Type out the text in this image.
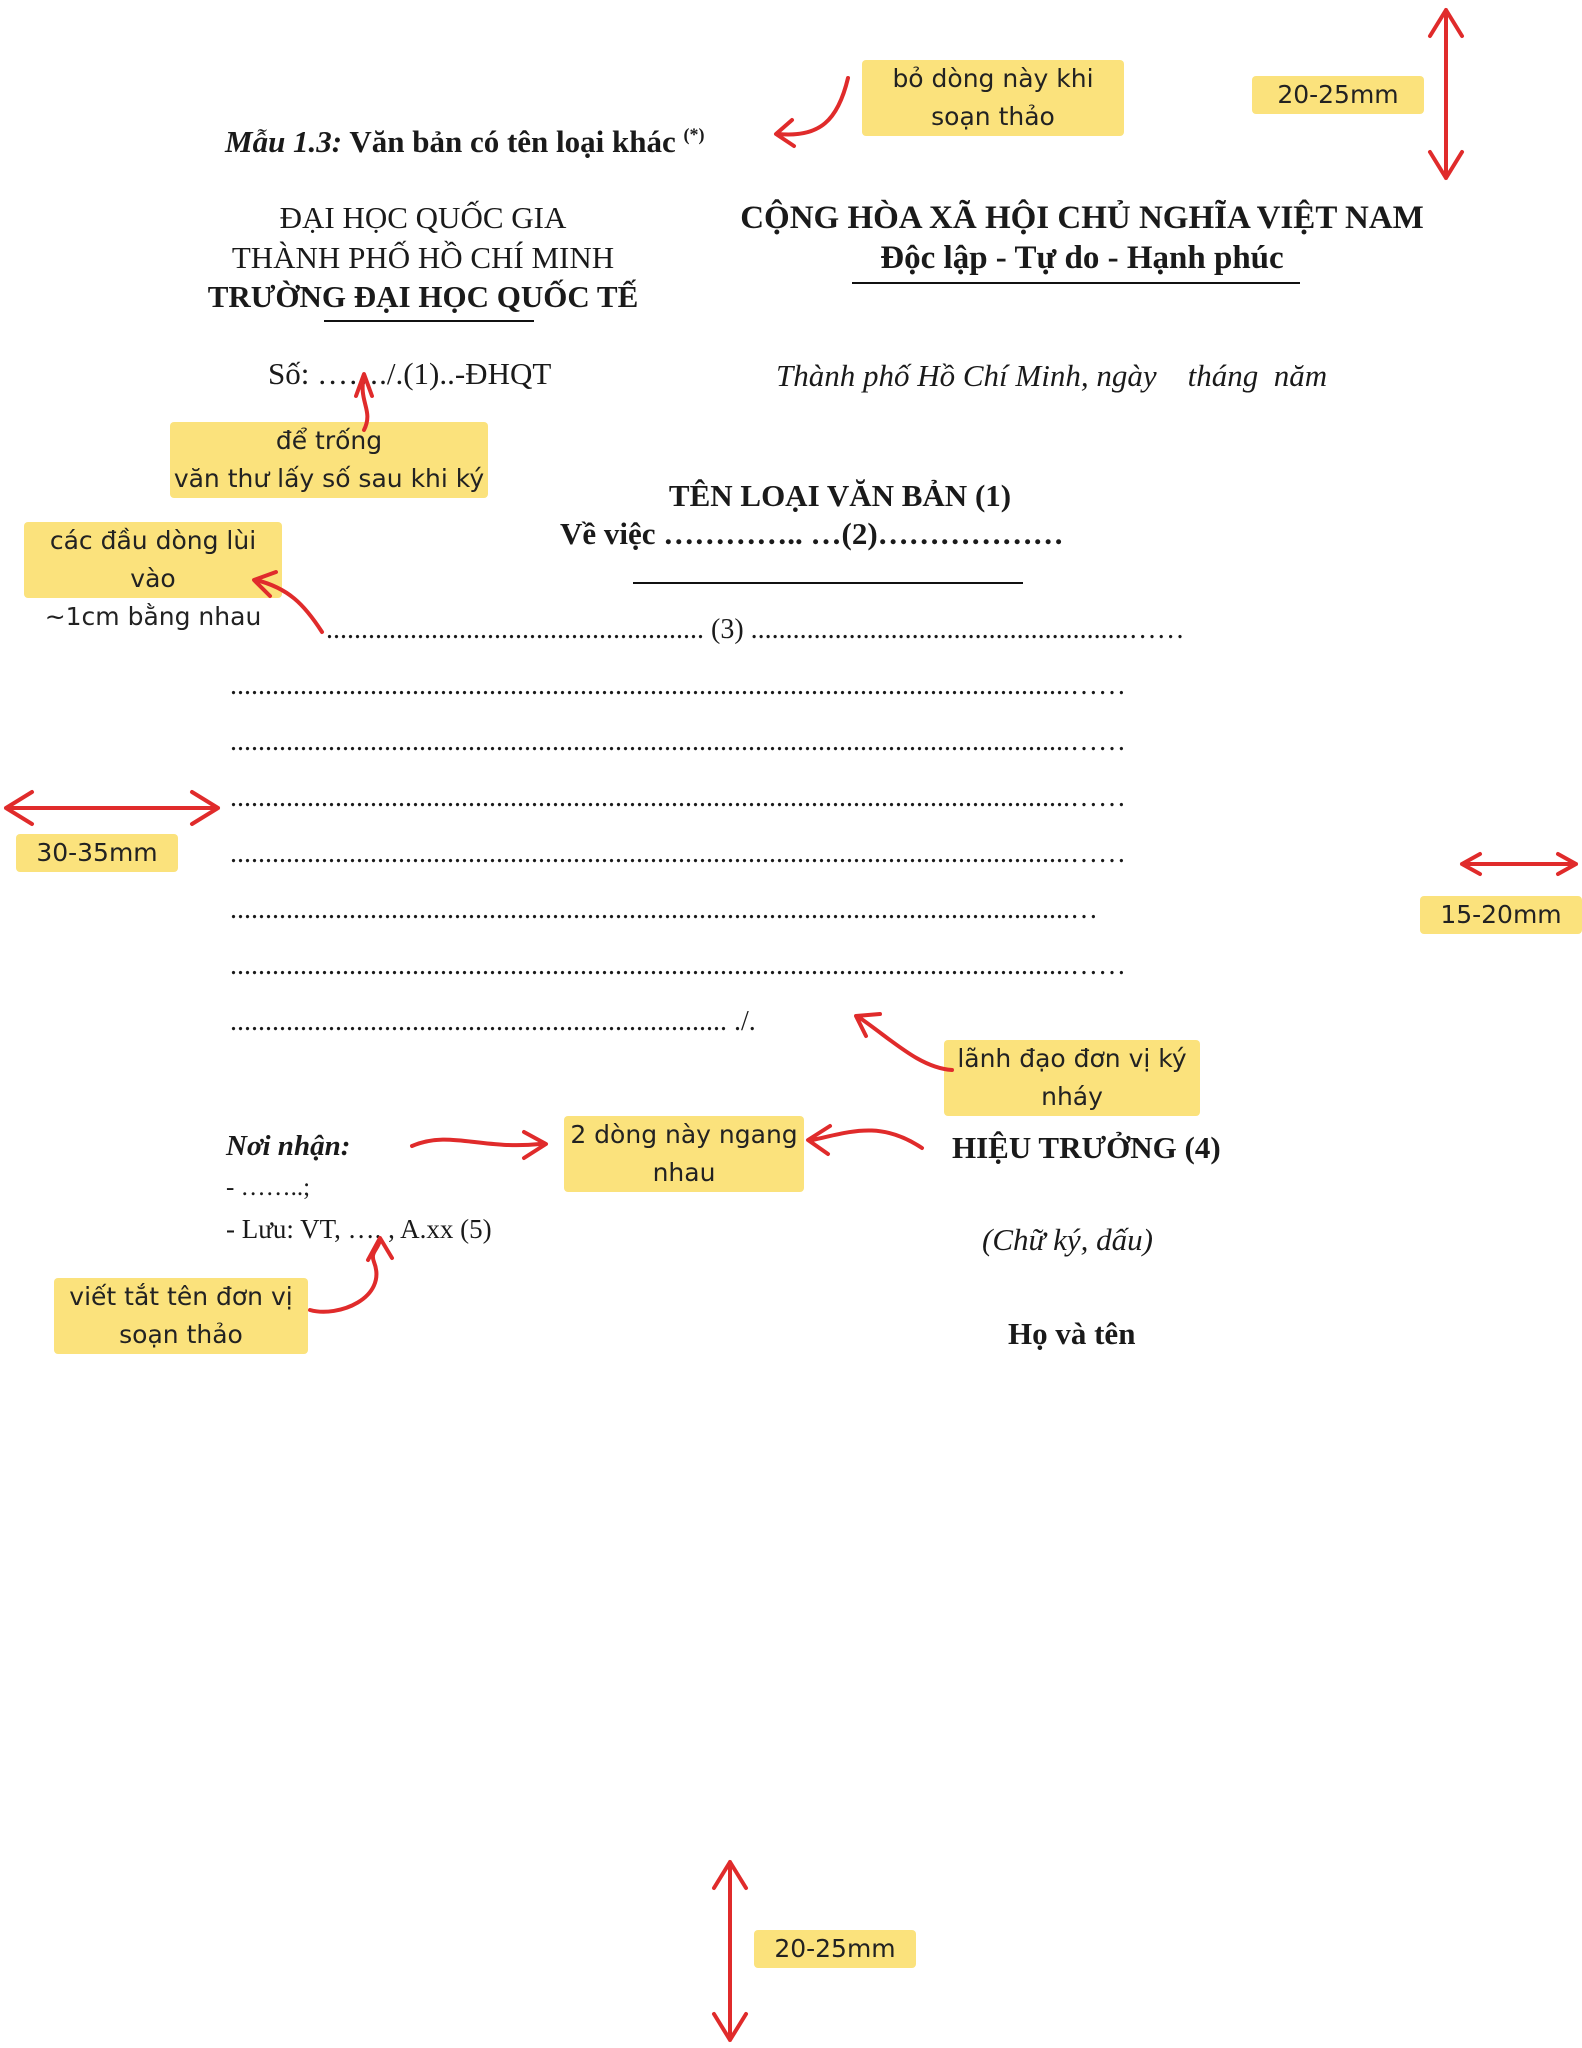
Mẫu 1.3: Văn bản có tên loại khác (*)
ĐẠI HỌC QUỐC GIA
THÀNH PHỐ HỒ CHÍ MINH
TRƯỜNG ĐẠI HỌC QUỐC TẾ
CỘNG HÒA XÃ HỘI CHỦ NGHĨA VIỆT NAM
Độc lập - Tự do - Hạnh phúc
Số: ……./.(1)..-ĐHQT	Thành phố Hồ Chí Minh, ngày    tháng  năm
TÊN LOẠI VĂN BẢN (1)
Về việc ………….. …(2)………………
...................................................... (3) ......................................................……
........................................................................................................................……
........................................................................................................................……
........................................................................................................................……
........................................................................................................................……
........................................................................................................................…
........................................................................................................................……
....................................................................... ./.
Nơi nhận:
- ……..;
- Lưu: VT, …. , A.xx (5)
HIỆU TRƯỞNG (4)
(Chữ ký, dấu)
Họ và tên
bỏ dòng này khi
soạn thảo
20-25mm
để trống
văn thư lấy số sau khi ký
các đầu dòng lùi vào
~1cm bằng nhau
30-35mm
15-20mm
lãnh đạo đơn vị ký
nháy
2 dòng này ngang
nhau
viết tắt tên đơn vị
soạn thảo
20-25mm
